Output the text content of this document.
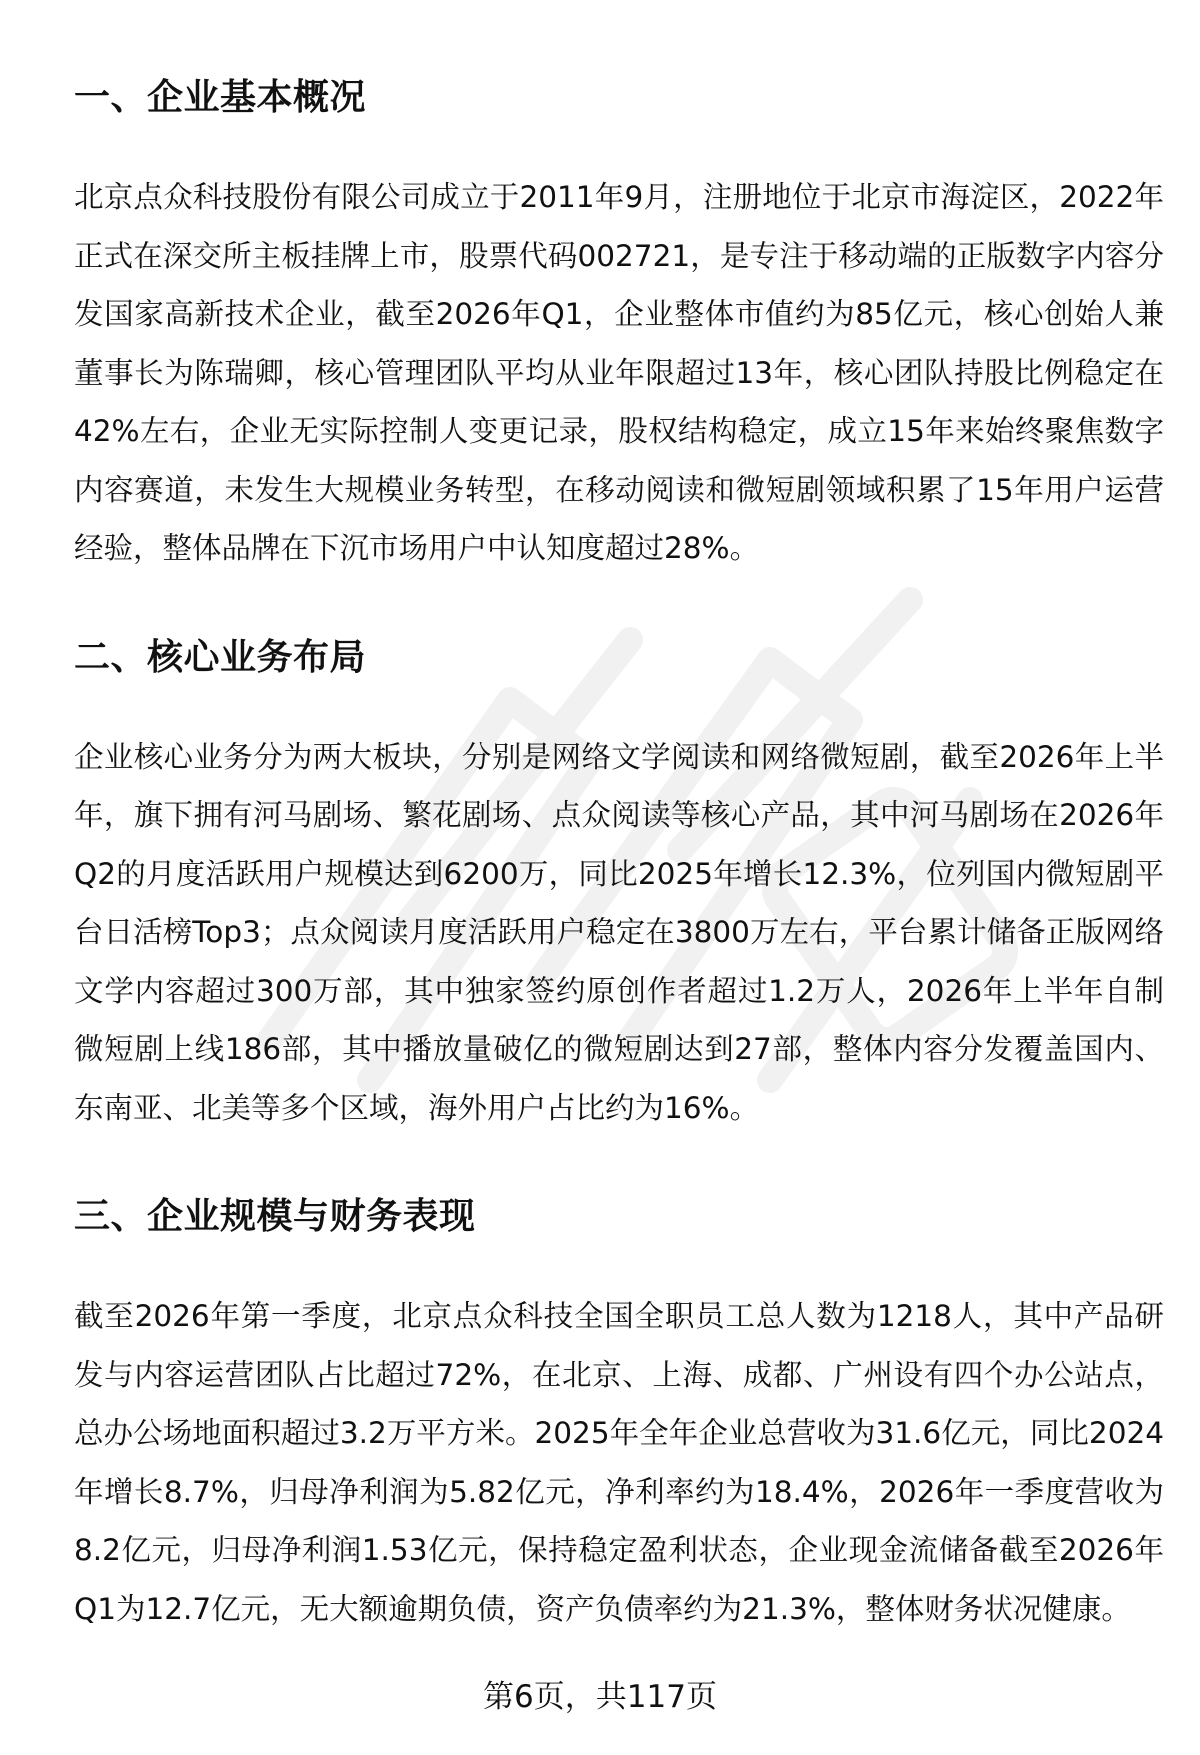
一、企业基本概况

北京点众科技股份有限公司成立于2011年9月，注册地位于北京市海淀区，2022年正式在深交所主板挂牌上市，股票代码002721，是专注于移动端的正版数字内容分发国家高新技术企业，截至2026年Q1，企业整体市值约为85亿元，核心创始人兼董事长为陈瑞卿，核心管理团队平均从业年限超过13年，核心团队持股比例稳定在42%左右，企业无实际控制人变更记录，股权结构稳定，成立15年来始终聚焦数字内容赛道，未发生大规模业务转型，在移动阅读和微短剧领域积累了15年用户运营经验，整体品牌在下沉市场用户中认知度超过28%。

二、核心业务布局

企业核心业务分为两大板块，分别是网络文学阅读和网络微短剧，截至2026年上半年，旗下拥有河马剧场、繁花剧场、点众阅读等核心产品，其中河马剧场在2026年Q2的月度活跃用户规模达到6200万，同比2025年增长12.3%，位列国内微短剧平台日活榜Top3；点众阅读月度活跃用户稳定在3800万左右，平台累计储备正版网络文学内容超过300万部，其中独家签约原创作者超过1.2万人，2026年上半年自制微短剧上线186部，其中播放量破亿的微短剧达到27部，整体内容分发覆盖国内、东南亚、北美等多个区域，海外用户占比约为16%。

三、企业规模与财务表现

截至2026年第一季度，北京点众科技全国全职员工总人数为1218人，其中产品研发与内容运营团队占比超过72%，在北京、上海、成都、广州设有四个办公站点，总办公场地面积超过3.2万平方米。2025年全年企业总营收为31.6亿元，同比2024年增长8.7%，归母净利润为5.82亿元，净利率约为18.4%，2026年一季度营收为8.2亿元，归母净利润1.53亿元，保持稳定盈利状态，企业现金流储备截至2026年Q1为12.7亿元，无大额逾期负债，资产负债率约为21.3%，整体财务状况健康。

第6页，共117页
